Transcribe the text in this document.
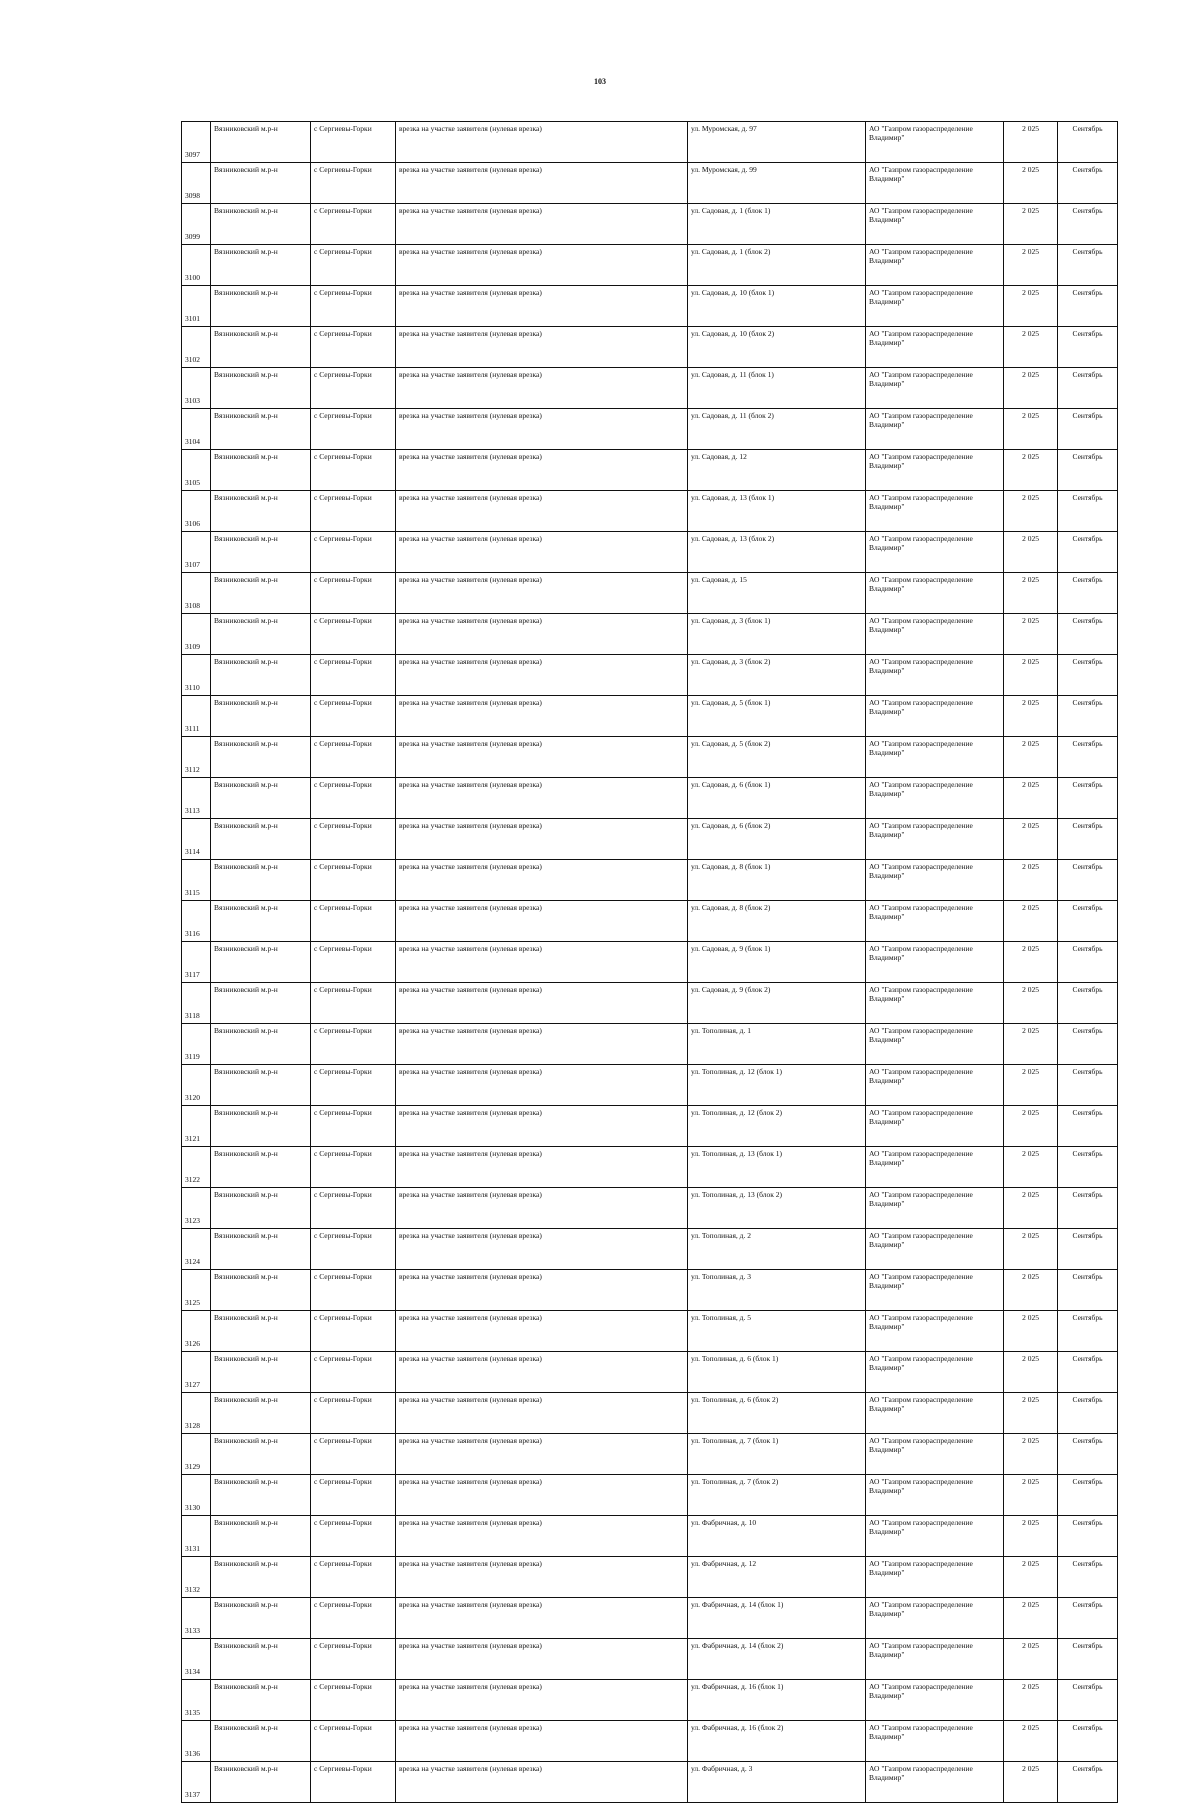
103
3097	Вязниковский м.р-н	с Сергиевы-Горки	врезка на участке заявителя (нулевая врезка)	ул. Муромская, д. 97	АО "Газпром газораспределение Владимир"	2 025	Сентябрь
3098	Вязниковский м.р-н	с Сергиевы-Горки	врезка на участке заявителя (нулевая врезка)	ул. Муромская, д. 99	АО "Газпром газораспределение Владимир"	2 025	Сентябрь
3099	Вязниковский м.р-н	с Сергиевы-Горки	врезка на участке заявителя (нулевая врезка)	ул. Садовая, д. 1 (блок 1)	АО "Газпром газораспределение Владимир"	2 025	Сентябрь
3100	Вязниковский м.р-н	с Сергиевы-Горки	врезка на участке заявителя (нулевая врезка)	ул. Садовая, д. 1 (блок 2)	АО "Газпром газораспределение Владимир"	2 025	Сентябрь
3101	Вязниковский м.р-н	с Сергиевы-Горки	врезка на участке заявителя (нулевая врезка)	ул. Садовая, д. 10 (блок 1)	АО "Газпром газораспределение Владимир"	2 025	Сентябрь
3102	Вязниковский м.р-н	с Сергиевы-Горки	врезка на участке заявителя (нулевая врезка)	ул. Садовая, д. 10 (блок 2)	АО "Газпром газораспределение Владимир"	2 025	Сентябрь
3103	Вязниковский м.р-н	с Сергиевы-Горки	врезка на участке заявителя (нулевая врезка)	ул. Садовая, д. 11 (блок 1)	АО "Газпром газораспределение Владимир"	2 025	Сентябрь
3104	Вязниковский м.р-н	с Сергиевы-Горки	врезка на участке заявителя (нулевая врезка)	ул. Садовая, д. 11 (блок 2)	АО "Газпром газораспределение Владимир"	2 025	Сентябрь
3105	Вязниковский м.р-н	с Сергиевы-Горки	врезка на участке заявителя (нулевая врезка)	ул. Садовая, д. 12	АО "Газпром газораспределение Владимир"	2 025	Сентябрь
3106	Вязниковский м.р-н	с Сергиевы-Горки	врезка на участке заявителя (нулевая врезка)	ул. Садовая, д. 13 (блок 1)	АО "Газпром газораспределение Владимир"	2 025	Сентябрь
3107	Вязниковский м.р-н	с Сергиевы-Горки	врезка на участке заявителя (нулевая врезка)	ул. Садовая, д. 13 (блок 2)	АО "Газпром газораспределение Владимир"	2 025	Сентябрь
3108	Вязниковский м.р-н	с Сергиевы-Горки	врезка на участке заявителя (нулевая врезка)	ул. Садовая, д. 15	АО "Газпром газораспределение Владимир"	2 025	Сентябрь
3109	Вязниковский м.р-н	с Сергиевы-Горки	врезка на участке заявителя (нулевая врезка)	ул. Садовая, д. 3 (блок 1)	АО "Газпром газораспределение Владимир"	2 025	Сентябрь
3110	Вязниковский м.р-н	с Сергиевы-Горки	врезка на участке заявителя (нулевая врезка)	ул. Садовая, д. 3 (блок 2)	АО "Газпром газораспределение Владимир"	2 025	Сентябрь
3111	Вязниковский м.р-н	с Сергиевы-Горки	врезка на участке заявителя (нулевая врезка)	ул. Садовая, д. 5 (блок 1)	АО "Газпром газораспределение Владимир"	2 025	Сентябрь
3112	Вязниковский м.р-н	с Сергиевы-Горки	врезка на участке заявителя (нулевая врезка)	ул. Садовая, д. 5 (блок 2)	АО "Газпром газораспределение Владимир"	2 025	Сентябрь
3113	Вязниковский м.р-н	с Сергиевы-Горки	врезка на участке заявителя (нулевая врезка)	ул. Садовая, д. 6 (блок 1)	АО "Газпром газораспределение Владимир"	2 025	Сентябрь
3114	Вязниковский м.р-н	с Сергиевы-Горки	врезка на участке заявителя (нулевая врезка)	ул. Садовая, д. 6 (блок 2)	АО "Газпром газораспределение Владимир"	2 025	Сентябрь
3115	Вязниковский м.р-н	с Сергиевы-Горки	врезка на участке заявителя (нулевая врезка)	ул. Садовая, д. 8 (блок 1)	АО "Газпром газораспределение Владимир"	2 025	Сентябрь
3116	Вязниковский м.р-н	с Сергиевы-Горки	врезка на участке заявителя (нулевая врезка)	ул. Садовая, д. 8 (блок 2)	АО "Газпром газораспределение Владимир"	2 025	Сентябрь
3117	Вязниковский м.р-н	с Сергиевы-Горки	врезка на участке заявителя (нулевая врезка)	ул. Садовая, д. 9 (блок 1)	АО "Газпром газораспределение Владимир"	2 025	Сентябрь
3118	Вязниковский м.р-н	с Сергиевы-Горки	врезка на участке заявителя (нулевая врезка)	ул. Садовая, д. 9 (блок 2)	АО "Газпром газораспределение Владимир"	2 025	Сентябрь
3119	Вязниковский м.р-н	с Сергиевы-Горки	врезка на участке заявителя (нулевая врезка)	ул. Тополиная, д. 1	АО "Газпром газораспределение Владимир"	2 025	Сентябрь
3120	Вязниковский м.р-н	с Сергиевы-Горки	врезка на участке заявителя (нулевая врезка)	ул. Тополиная, д. 12 (блок 1)	АО "Газпром газораспределение Владимир"	2 025	Сентябрь
3121	Вязниковский м.р-н	с Сергиевы-Горки	врезка на участке заявителя (нулевая врезка)	ул. Тополиная, д. 12 (блок 2)	АО "Газпром газораспределение Владимир"	2 025	Сентябрь
3122	Вязниковский м.р-н	с Сергиевы-Горки	врезка на участке заявителя (нулевая врезка)	ул. Тополиная, д. 13 (блок 1)	АО "Газпром газораспределение Владимир"	2 025	Сентябрь
3123	Вязниковский м.р-н	с Сергиевы-Горки	врезка на участке заявителя (нулевая врезка)	ул. Тополиная, д. 13 (блок 2)	АО "Газпром газораспределение Владимир"	2 025	Сентябрь
3124	Вязниковский м.р-н	с Сергиевы-Горки	врезка на участке заявителя (нулевая врезка)	ул. Тополиная, д. 2	АО "Газпром газораспределение Владимир"	2 025	Сентябрь
3125	Вязниковский м.р-н	с Сергиевы-Горки	врезка на участке заявителя (нулевая врезка)	ул. Тополиная, д. 3	АО "Газпром газораспределение Владимир"	2 025	Сентябрь
3126	Вязниковский м.р-н	с Сергиевы-Горки	врезка на участке заявителя (нулевая врезка)	ул. Тополиная, д. 5	АО "Газпром газораспределение Владимир"	2 025	Сентябрь
3127	Вязниковский м.р-н	с Сергиевы-Горки	врезка на участке заявителя (нулевая врезка)	ул. Тополиная, д. 6 (блок 1)	АО "Газпром газораспределение Владимир"	2 025	Сентябрь
3128	Вязниковский м.р-н	с Сергиевы-Горки	врезка на участке заявителя (нулевая врезка)	ул. Тополиная, д. 6 (блок 2)	АО "Газпром газораспределение Владимир"	2 025	Сентябрь
3129	Вязниковский м.р-н	с Сергиевы-Горки	врезка на участке заявителя (нулевая врезка)	ул. Тополиная, д. 7 (блок 1)	АО "Газпром газораспределение Владимир"	2 025	Сентябрь
3130	Вязниковский м.р-н	с Сергиевы-Горки	врезка на участке заявителя (нулевая врезка)	ул. Тополиная, д. 7 (блок 2)	АО "Газпром газораспределение Владимир"	2 025	Сентябрь
3131	Вязниковский м.р-н	с Сергиевы-Горки	врезка на участке заявителя (нулевая врезка)	ул. Фабричная, д. 10	АО "Газпром газораспределение Владимир"	2 025	Сентябрь
3132	Вязниковский м.р-н	с Сергиевы-Горки	врезка на участке заявителя (нулевая врезка)	ул. Фабричная, д. 12	АО "Газпром газораспределение Владимир"	2 025	Сентябрь
3133	Вязниковский м.р-н	с Сергиевы-Горки	врезка на участке заявителя (нулевая врезка)	ул. Фабричная, д. 14 (блок 1)	АО "Газпром газораспределение Владимир"	2 025	Сентябрь
3134	Вязниковский м.р-н	с Сергиевы-Горки	врезка на участке заявителя (нулевая врезка)	ул. Фабричная, д. 14 (блок 2)	АО "Газпром газораспределение Владимир"	2 025	Сентябрь
3135	Вязниковский м.р-н	с Сергиевы-Горки	врезка на участке заявителя (нулевая врезка)	ул. Фабричная, д. 16 (блок 1)	АО "Газпром газораспределение Владимир"	2 025	Сентябрь
3136	Вязниковский м.р-н	с Сергиевы-Горки	врезка на участке заявителя (нулевая врезка)	ул. Фабричная, д. 16 (блок 2)	АО "Газпром газораспределение Владимир"	2 025	Сентябрь
3137	Вязниковский м.р-н	с Сергиевы-Горки	врезка на участке заявителя (нулевая врезка)	ул. Фабричная, д. 3	АО "Газпром газораспределение Владимир"	2 025	Сентябрь
